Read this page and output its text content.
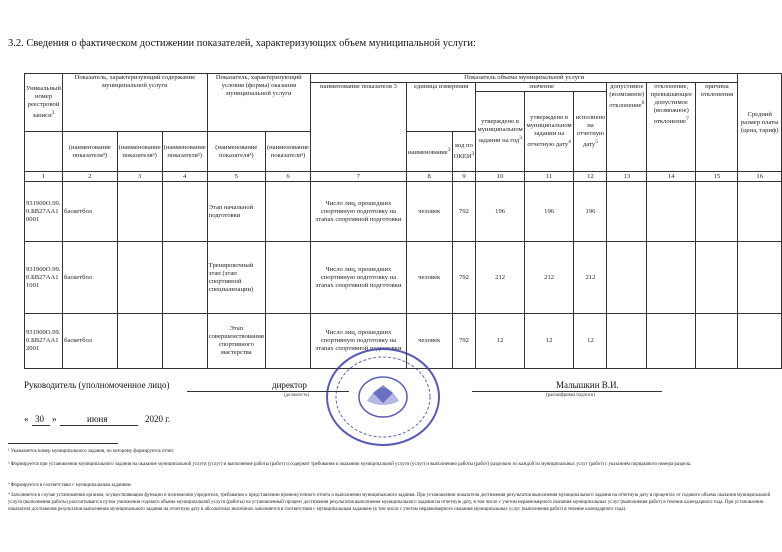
3.2. Сведения о фактическом достижении показателей, характеризующих объем муниципальной услуги:
Уникальный номер реестровой записи$^3$	Показатель, характеризующий содержание муниципальной услуги			Показатель, характеризующий условия (формы) оказания муниципальной услуги		Показатель объема муниципальной услуги									Средний размер платы (цена, тариф)
						наименование показателя 3	единица измерения		значение			допустимое (возможное) отклонение$^6$	отклонение, превышающее допустимое (возможное) отклонение$^7$	причина отклонения	
									утверждено в муниципальном задании на год$^3$	утверждено в муниципальном задании на отчетную дату$^4$	исполнено на отчетную дату$^5$
	(наименование показателя³)	(наименование показателя³)	(наименование показателя³)	(наименование показателя³)	(наименование показателя³)		наименование$^3$	код по ОКЕИ$^3$
1	2	3	4	5	6	7	8	9	10	11	12	13	14	15	16
931900О.99.0.БВ27АА10001	баскетбол			Этап начальной подготовки		Число лиц, прошедших спортивную подготовку на этапах спортивной подготовки	человек	792	196	196	196				
931900О.99.0.БВ27АА11001	баскетбол			Тренировочный этап (этап спортивной специализации)		Число лиц, прошедших спортивную подготовку на этапах спортивной подготовки	человек	792	212	212	212				
931900О.99.0.БВ27АА12001	баскетбол			Этап совершенствования спортивного мастерства		Число лиц, прошедших спортивную подготовку на этапах спортивной подготовки	человек	792	12	12	12				
Руководитель (уполномоченное лицо)	директор
(должность)
Малышкин В.И.
(расшифровка подписи)
« 30 »	июня	2020 г.
¹ Указывается номер муниципального задания, по которому формируется отчет.
² Формируется при установлении муниципального задания на оказание муниципальной услуги (услуг) и выполнение работы (работ) и содержит требования к оказанию муниципальной услуги (услуг) и выполнению работы (работ) раздельно по каждой из муниципальных услуг (работ) с указанием порядкового номера раздела.
³ Формируется в соответствии с муниципальным заданием.
⁴ Заполняется в случае установления органом, осуществляющим функции и полномочия учредителя, требования о представлении промежуточного отчета о выполнении муниципального задания. При установлении показателя достижения результатов выполнения муниципального задания на отчетную дату в процентах от годового объема оказания муниципальной услуги (выполнения работы) рассчитывается путем умножения годового объема муниципальной услуги (работы) на установленный процент достижения результатов выполнения муниципального задания на отчетную дату, в том числе с учетом неравномерного оказания муниципальных услуг (выполнения работ) в течение календарного года. При установлении показателя достижения результатов выполнения муниципального задания на отчетную дату в абсолютных величинах заполняется в соответствии с муниципальным заданием (в том числе с учетом неравномерного оказания муниципальных услуг (выполнения работ) в течение календарного года).
